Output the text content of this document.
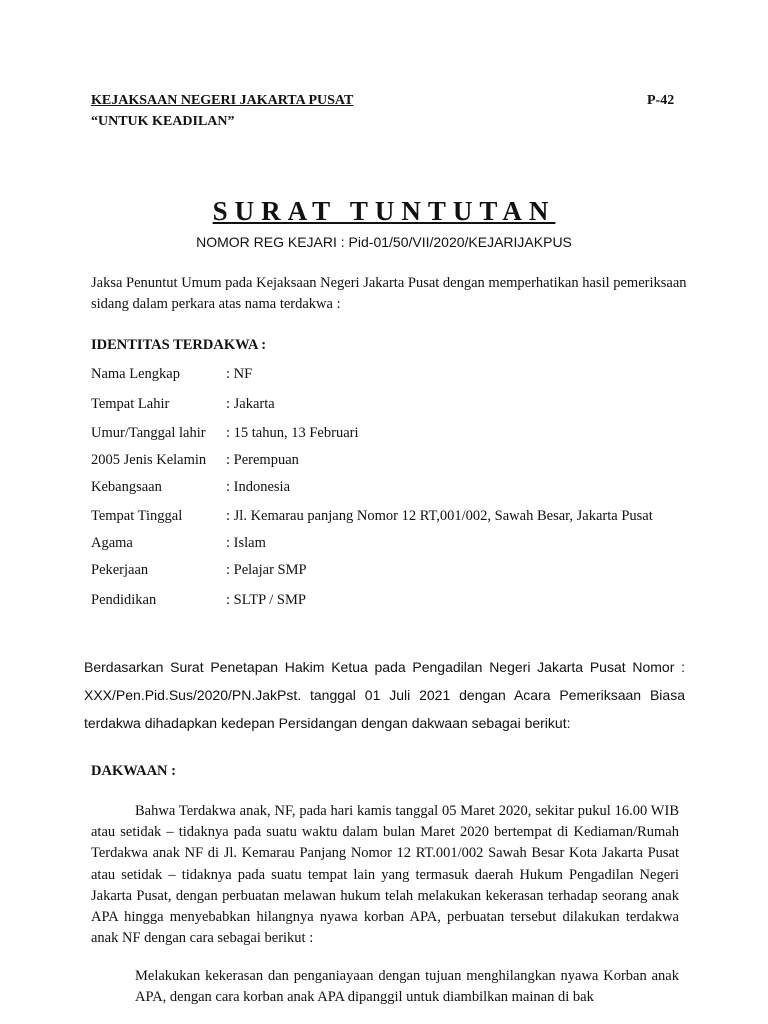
KEJAKSAAN NEGERI JAKARTA PUSAT	P-42
“UNTUK KEADILAN”
SURAT TUNTUTAN
NOMOR REG KEJARI : Pid-01/50/VII/2020/KEJARIJAKPUS
Jaksa Penuntut Umum pada Kejaksaan Negeri Jakarta Pusat dengan memperhatikan hasil pemeriksaan sidang dalam perkara atas nama terdakwa :
IDENTITAS TERDAKWA :
Nama Lengkap	: NF
Tempat Lahir	: Jakarta
Umur/Tanggal lahir : 15 tahun, 13 Februari
2005 Jenis Kelamin : Perempuan
Kebangsaan	: Indonesia
Tempat Tinggal	: Jl. Kemarau panjang Nomor 12 RT,001/002, Sawah Besar, Jakarta Pusat
Agama	: Islam
Pekerjaan	: Pelajar SMP
Pendidikan	: SLTP / SMP
Berdasarkan Surat Penetapan Hakim Ketua pada Pengadilan Negeri Jakarta Pusat Nomor : XXX/Pen.Pid.Sus/2020/PN.JakPst. tanggal 01 Juli 2021 dengan Acara Pemeriksaan Biasa terdakwa dihadapkan kedepan Persidangan dengan dakwaan sebagai berikut:
DAKWAAN :
Bahwa Terdakwa anak, NF, pada hari kamis tanggal 05 Maret 2020, sekitar pukul 16.00 WIB atau setidak – tidaknya pada suatu waktu dalam bulan Maret 2020 bertempat di Kediaman/Rumah Terdakwa anak NF di Jl. Kemarau Panjang Nomor 12 RT.001/002 Sawah Besar Kota Jakarta Pusat atau setidak – tidaknya pada suatu tempat lain yang termasuk daerah Hukum Pengadilan Negeri Jakarta Pusat, dengan perbuatan melawan hukum telah melakukan kekerasan terhadap seorang anak APA hingga menyebabkan hilangnya nyawa korban APA, perbuatan tersebut dilakukan terdakwa anak NF dengan cara sebagai berikut :
Melakukan kekerasan dan penganiayaan dengan tujuan menghilangkan nyawa Korban anak APA, dengan cara korban anak APA dipanggil untuk diambilkan mainan di bak
